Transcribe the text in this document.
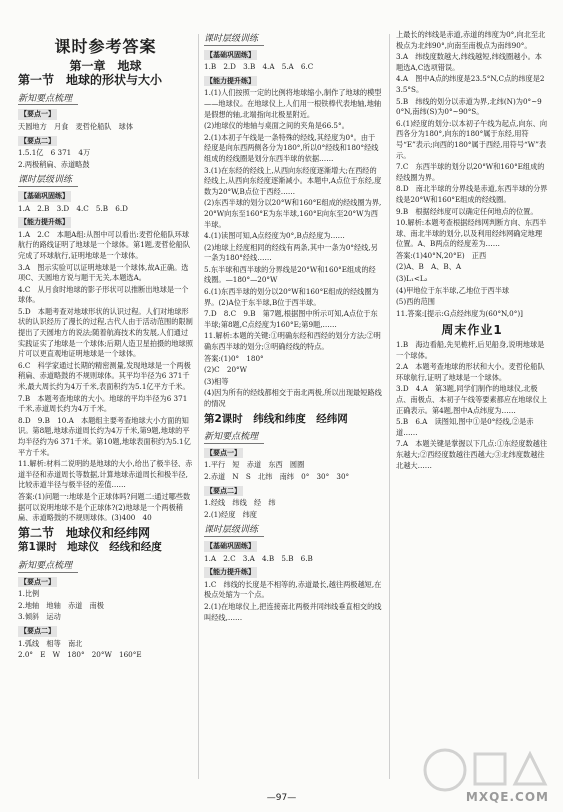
课时参考答案
第一章　地球
第一节　地球的形状与大小
新知要点梳理

【要点一】

天圆地方　月食　麦哲伦船队　球体

【要点二】

1.5.1亿　6 371　4万

2.两极稍扁、赤道略鼓

课时层级训练

【基础巩固练】

1.A　2.B　3.D　4.C　5.B　6.D

【能力提升练】

1.A　2.C　本题A组:从图中可以看出:麦哲伦船队环球航行的路线证明了地球是一个球体。第1题,麦哲伦船队完成了环球航行,证明地球是一个球体。

3.A　图示实验可以证明地球是一个球体,故A正确。选项C、天圆地方说与题干无关,本题选A。

4.C　从月食时地球的影子形状可以推断出地球是一个球体。

5.D　本题考查对地球形状的认识过程。人们对地球形状的认识经历了漫长的过程,古代人由于活动范围的限制提出了天圆地方的说法;随着航海技术的发展,人们通过实践证实了地球是一个球体;后期人造卫星拍摄的地球照片可以更直观地证明地球是一个球体。

6.C　科学家通过长期的精密测量,发现地球是一个两极稍扁、赤道略鼓的不规则球体。其平均半径为6 371千米,最大周长约为4万千米,表面积约为5.1亿平方千米。

7.B　本题考查地球的大小。地球的平均半径为6 371千米,赤道周长约为4万千米。

8.D　9.B　10.A　本题组主要考查地球大小方面的知识。第8题,地球赤道周长约为4万千米,第9题,地球的平均半径约为6 371千米。第10题,地球表面积约为5.1亿平方千米。

11.解析:材料二说明的是地球的大小,给出了极半径、赤道半径和赤道周长等数据,计算地球赤道周长和极半径,比较赤道半径与极半径的差值……

答案:(1)问题一:地球是个正球体吗?问题二:通过哪些数据可以说明地球不是个正球体?(2)地球是一个两极稍扁、赤道略鼓的不规则球体。(3)400　40

第二节　地球仪和经纬网
第1课时　地球仪　经线和经度
新知要点梳理

【要点一】

1.比例

2.地轴　地轴　赤道　南极

3.倾斜　运动

【要点二】

1.弧线　相等　南北

2.0°　E　W　180°　20°W　160°E

课时层级训练

【基础巩固练】

1.B　2.D　3.B　4.A　5.A　6.C

【能力提升练】

1.(1)人们按照一定的比例将地球缩小,制作了地球的模型——地球仪。在地球仪上,人们用一根铁棒代表地轴,地轴是假想的轴,北端指向北极星附近。

(2)地球仪的地轴与桌面之间的夹角是66.5°。

2.(1)本初子午线是一条特殊的经线,其经度为0°。由于经度是向东西两侧各分为180°,所以0°经线和180°经线组成的经线圈是划分东西半球的依据……

3.(1)在东经的经线上,从西向东经度逐渐增大;在西经的经线上,从西向东经度逐渐减小。本题中,A点位于东经,度数为20°W,B点位于西经……

(2)东西半球的划分以20°W和160°E组成的经线圈为界,20°W向东至160°E为东半球,160°E向东至20°W为西半球。

4.(1)读图可知,A点经度为0°,B点经度为……

(2)地球上经度相同的经线有两条,其中一条为0°经线,另一条为180°经线……

5.东半球和西半球的分界线是20°W和160°E组成的经线圈。—180°—20°W

6.(1)东西半球的划分以20°W和160°E组成的经线圈为界。(2)A位于东半球,B位于西半球。

7.D　8.C　9.B　第7题,根据图中所示可知,A点位于东半球;第8题,C点经度为160°E;第9题,……

11.解析:本题的关键:①明确东经和西经的划分方法;②明确东西半球的划分;③明确经线的特点。

答案:(1)0°　180°

(2)C　20°W

(3)相等

(4)因为所有的经线都相交于南北两极,所以出现最短路线的情况

第2课时　纬线和纬度　经纬网
新知要点梳理

【要点一】

1.平行　短　赤道　东西　圆圈

2.赤道　N　S　北纬　南纬　0°　30°　30°

【要点二】

1.经线　纬线　经　纬

2.(1)经度　纬度

课时层级训练

【基础巩固练】

1.A　2.C　3.A　4.B　5.B　6.B

【能力提升练】

1.C　纬线的长度是不相等的,赤道最长,越往两极越短,在极点处缩为一个点。

2.(1)在地球仪上,把连接南北两极并同纬线垂直相交的线叫经线,……

上最长的纬线是赤道,赤道的纬度为0°,向北至北极点为北纬90°,向南至南极点为南纬90°。

3.A　纬线度数越大,纬线越短,纬线圈越小。本题选A,C选项错误。

4.A　图中A点的纬度是23.5°N,C点的纬度是23.5°S。

5.B　纬线的划分以赤道为界,北纬(N)为0°~90°N,南纬(S)为0°~90°S。

6.(1)经度的划分:以本初子午线为起点,向东、向西各分为180°,向东的180°属于东经,用符号“E”表示;向西的180°属于西经,用符号“W”表示。

7.C　东西半球的划分以20°W和160°E组成的经线圈为界。

8.D　南北半球的分界线是赤道,东西半球的分界线是20°W和160°E组成的经线圈。

9.B　根据经纬度可以确定任何地点的位置。

10.解析:本题考查根据经纬网判断方向、东西半球、南北半球的划分,以及利用经纬网确定地理位置。A、B两点的经度差为……

答案:(1)40°N,20°E)　正西

(2)A、B　A、B、A

(3)L₁<L₂

(4)甲地位于东半球,乙地位于西半球

(5)西的范围

11.答案:[提示:G点经纬度为(60°N,0°)]

周末作业1

1.B　海边看船,先见桅杆,后见船身,说明地球是一个球体。

2.A　本题考查地球的形状和大小。麦哲伦船队环球航行,证明了地球是一个球体。

3.D　4.A　第3题,同学们制作的地球仪,北极点、南极点、本初子午线等要素都应在地球仪上正确表示。第4题,图中A点纬度为……

5.B　6.A　读图知,图中①是0°经线,②是赤道……

7.A　本题关键是掌握以下几点:①东经度数越往东越大;②西经度数越往西越大;③北纬度数越往北越大……

—97—	MXQE.COM
